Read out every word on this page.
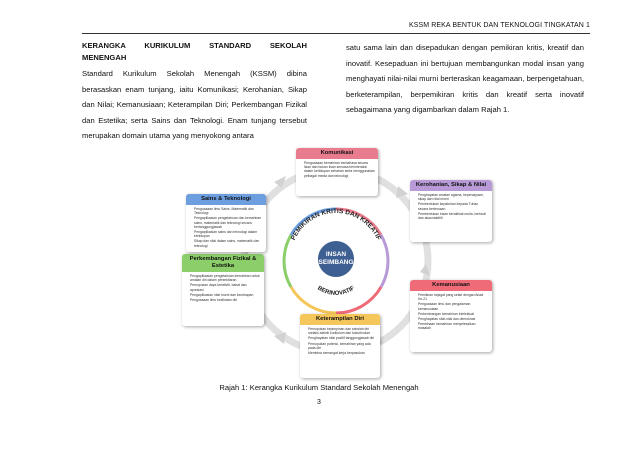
KSSM REKA BENTUK DAN TEKNOLOGI TINGKATAN 1
KERANGKA KURIKULUM STANDARD SEKOLAH
MENENGAH

Standard Kurikulum Sekolah Menengah (KSSM) dibina berasaskan enam tunjang, iaitu Komunikasi; Kerohanian, Sikap dan Nilai; Kemanusiaan; Keterampilan Diri; Perkembangan Fizikal dan Estetika; serta Sains dan Teknologi. Enam tunjang tersebut merupakan domain utama yang menyokong antara

satu sama lain dan disepadukan dengan pemikiran kritis, kreatif dan inovatif. Kesepaduan ini bertujuan membangunkan modal insan yang menghayati nilai-nilai murni berteraskan keagamaan, berpengetahuan, berketerampilan, berpemikiran kritis dan kreatif serta inovatif sebagaimana yang digambarkan dalam Rajah 1.

PEMIKIRAN KRITIS DAN KREATIF
BERINOVATIF
INSAN
SEIMBANG
Komunikasi
• Penguasaan kemahiran berbahasa secara lisan dan bukan lisan semasa berinteraksi dalam kehidupan seharian serta menggunakan pelbagai media dan teknologi
Kerohanian, Sikap & Nilai
• Penghayatan amalan agama, kepercayaan, sikap dan nilai murni
• Pembentukan kepatuhan kepada Tuhan secara berterusan
• Pembentukan insan berakhlak mulia, berbudi dan akauntabiliti
Kemanusiaan
• Pemikiran sejagat yang selari dengan Abad Ke-21
• Penguasaan ilmu dan pengalaman kemanusiaan
• Perkembangan kemahiran intelektual
• Penghayatan nilai-nilai dan demokrasi
• Pembinaan kemahiran menyelesaikan masalah
Keterampilan Diri
• Pemupukan kepimpinan dan sahsiah diri melalui aktiviti kurikulum dan kokurikulum
• Penghayatan nilai positif tanggungjawab diri
• Pemupukan potensi, kemahiran yang ada pada diri
• Membina semangat kerja berpasukan
Perkembangan Fizikal & Estetika
• Pengaplikasian pengetahuan kemahiran untuk amalan diri dalam persekitaran
• Pemupukan daya kreativiti, bakat dan apresiasi
• Pengaplikasian nilai murni dan kecekapan
• Penguasaan ilmu kesihatan diri
Sains & Teknologi
• Penguasaan ilmu Sains, Matematik dan Teknologi
• Pengaplikasian pengetahuan dan kemahiran sains, matematik dan teknologi secara bertanggungjawab
• Pengaplikasian sains dan teknologi dalam kehidupan
• Sikap dan nilai dalam sains, matematik dan teknologi
Rajah 1: Kerangka Kurikulum Standard Sekolah Menengah
3
